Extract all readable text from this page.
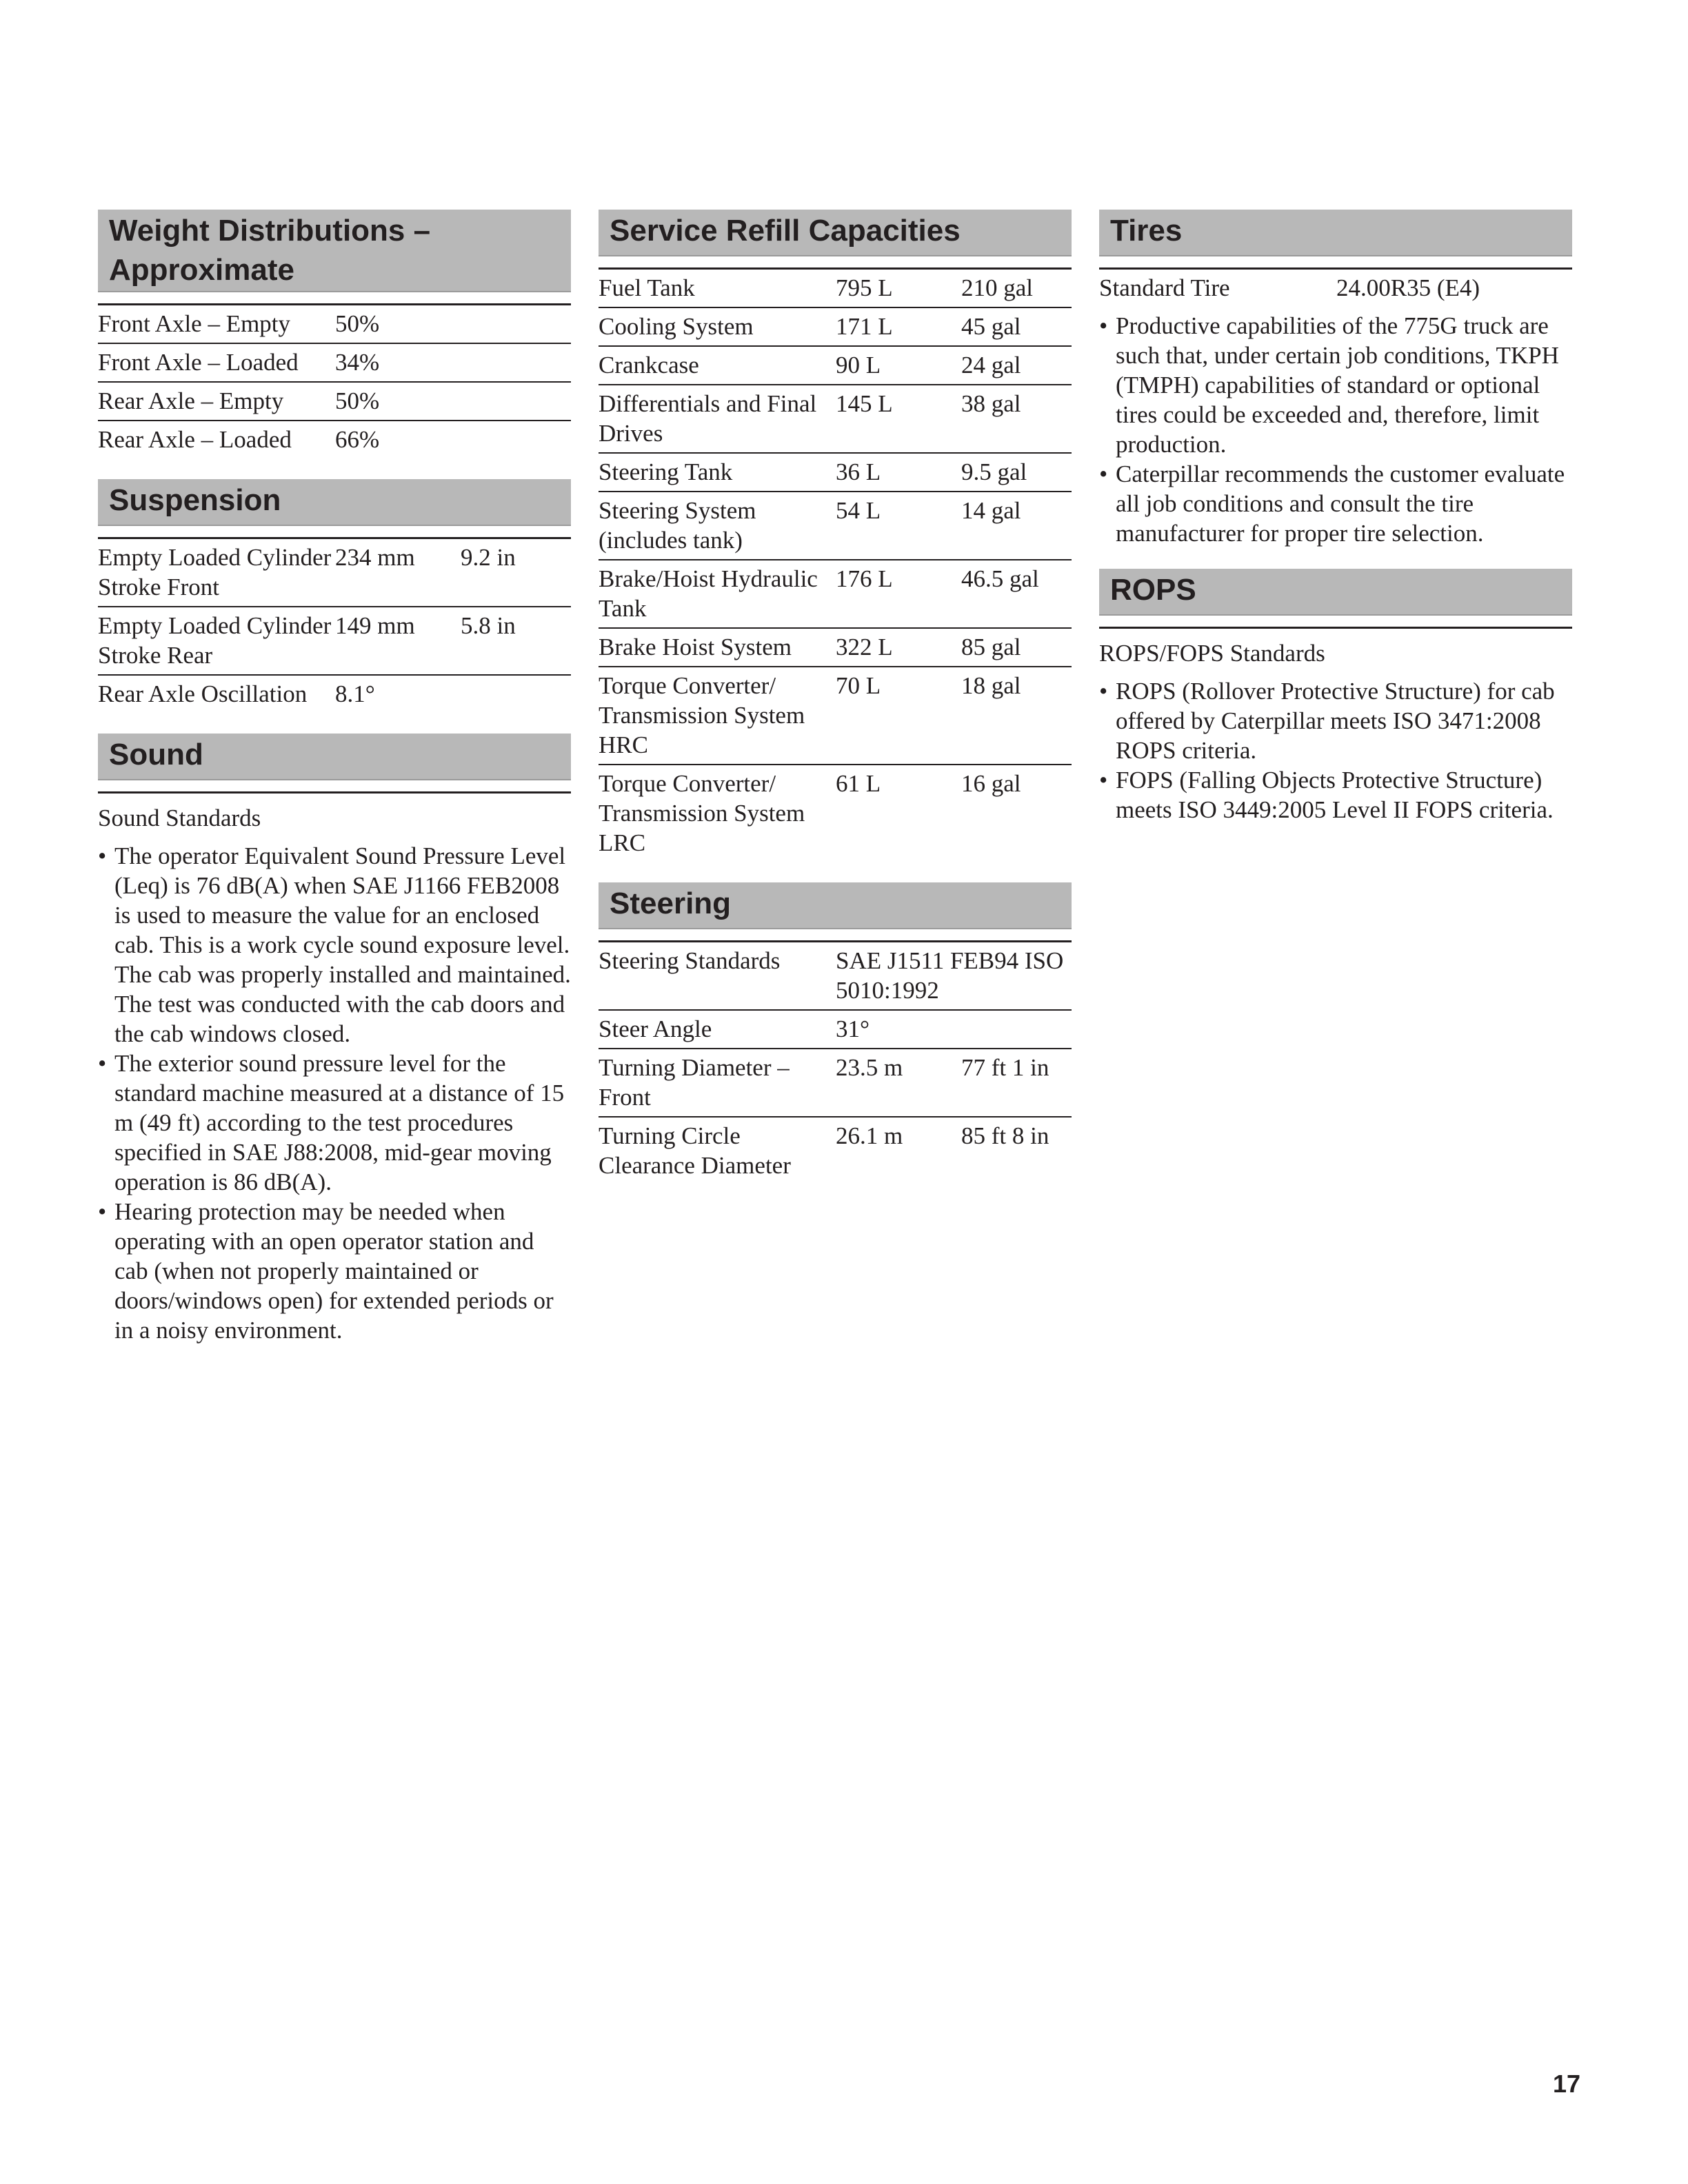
Weight Distributions – Approximate
Front Axle – Empty	50%
Front Axle – Loaded	34%
Rear Axle – Empty	50%
Rear Axle – Loaded	66%
Suspension
Empty Loaded Cylinder Stroke Front	234 mm	9.2 in
Empty Loaded Cylinder Stroke Rear	149 mm	5.8 in
Rear Axle Oscillation	8.1°	
Sound

Sound Standards

• The operator Equivalent Sound Pressure Level (Leq) is 76 dB(A) when SAE J1166 FEB2008 is used to measure the value for an enclosed cab. This is a work cycle sound exposure level. The cab was properly installed and maintained. The test was conducted with the cab doors and the cab windows closed.
• The exterior sound pressure level for the standard machine measured at a distance of 15 m (49 ft) according to the test procedures specified in SAE J88:2008, mid-gear moving operation is 86 dB(A).
• Hearing protection may be needed when operating with an open operator station and cab (when not properly maintained or doors/windows open) for extended periods or in a noisy environment.
Service Refill Capacities
Fuel Tank	795 L	210 gal
Cooling System	171 L	45 gal
Crankcase	90 L	24 gal
Differentials and Final Drives	145 L	38 gal
Steering Tank	36 L	9.5 gal
Steering System (includes tank)	54 L	14 gal
Brake/Hoist Hydraulic Tank	176 L	46.5 gal
Brake Hoist System	322 L	85 gal
Torque Converter/ Transmission System HRC	70 L	18 gal
Torque Converter/ Transmission System LRC	61 L	16 gal
Steering
Steering Standards	SAE J1511 FEB94 ISO 5010:1992	
Steer Angle	31°	
Turning Diameter – Front	23.5 m	77 ft 1 in
Turning Circle Clearance Diameter	26.1 m	85 ft 8 in
Tires
Standard Tire	24.00R35 (E4)
• Productive capabilities of the 775G truck are such that, under certain job conditions, TKPH (TMPH) capabilities of standard or optional tires could be exceeded and, therefore, limit production.
• Caterpillar recommends the customer evaluate all job conditions and consult the tire manufacturer for proper tire selection.
ROPS

ROPS/FOPS Standards

• ROPS (Rollover Protective Structure) for cab offered by Caterpillar meets ISO 3471:2008 ROPS criteria.
• FOPS (Falling Objects Protective Structure) meets ISO 3449:2005 Level II FOPS criteria.
17
